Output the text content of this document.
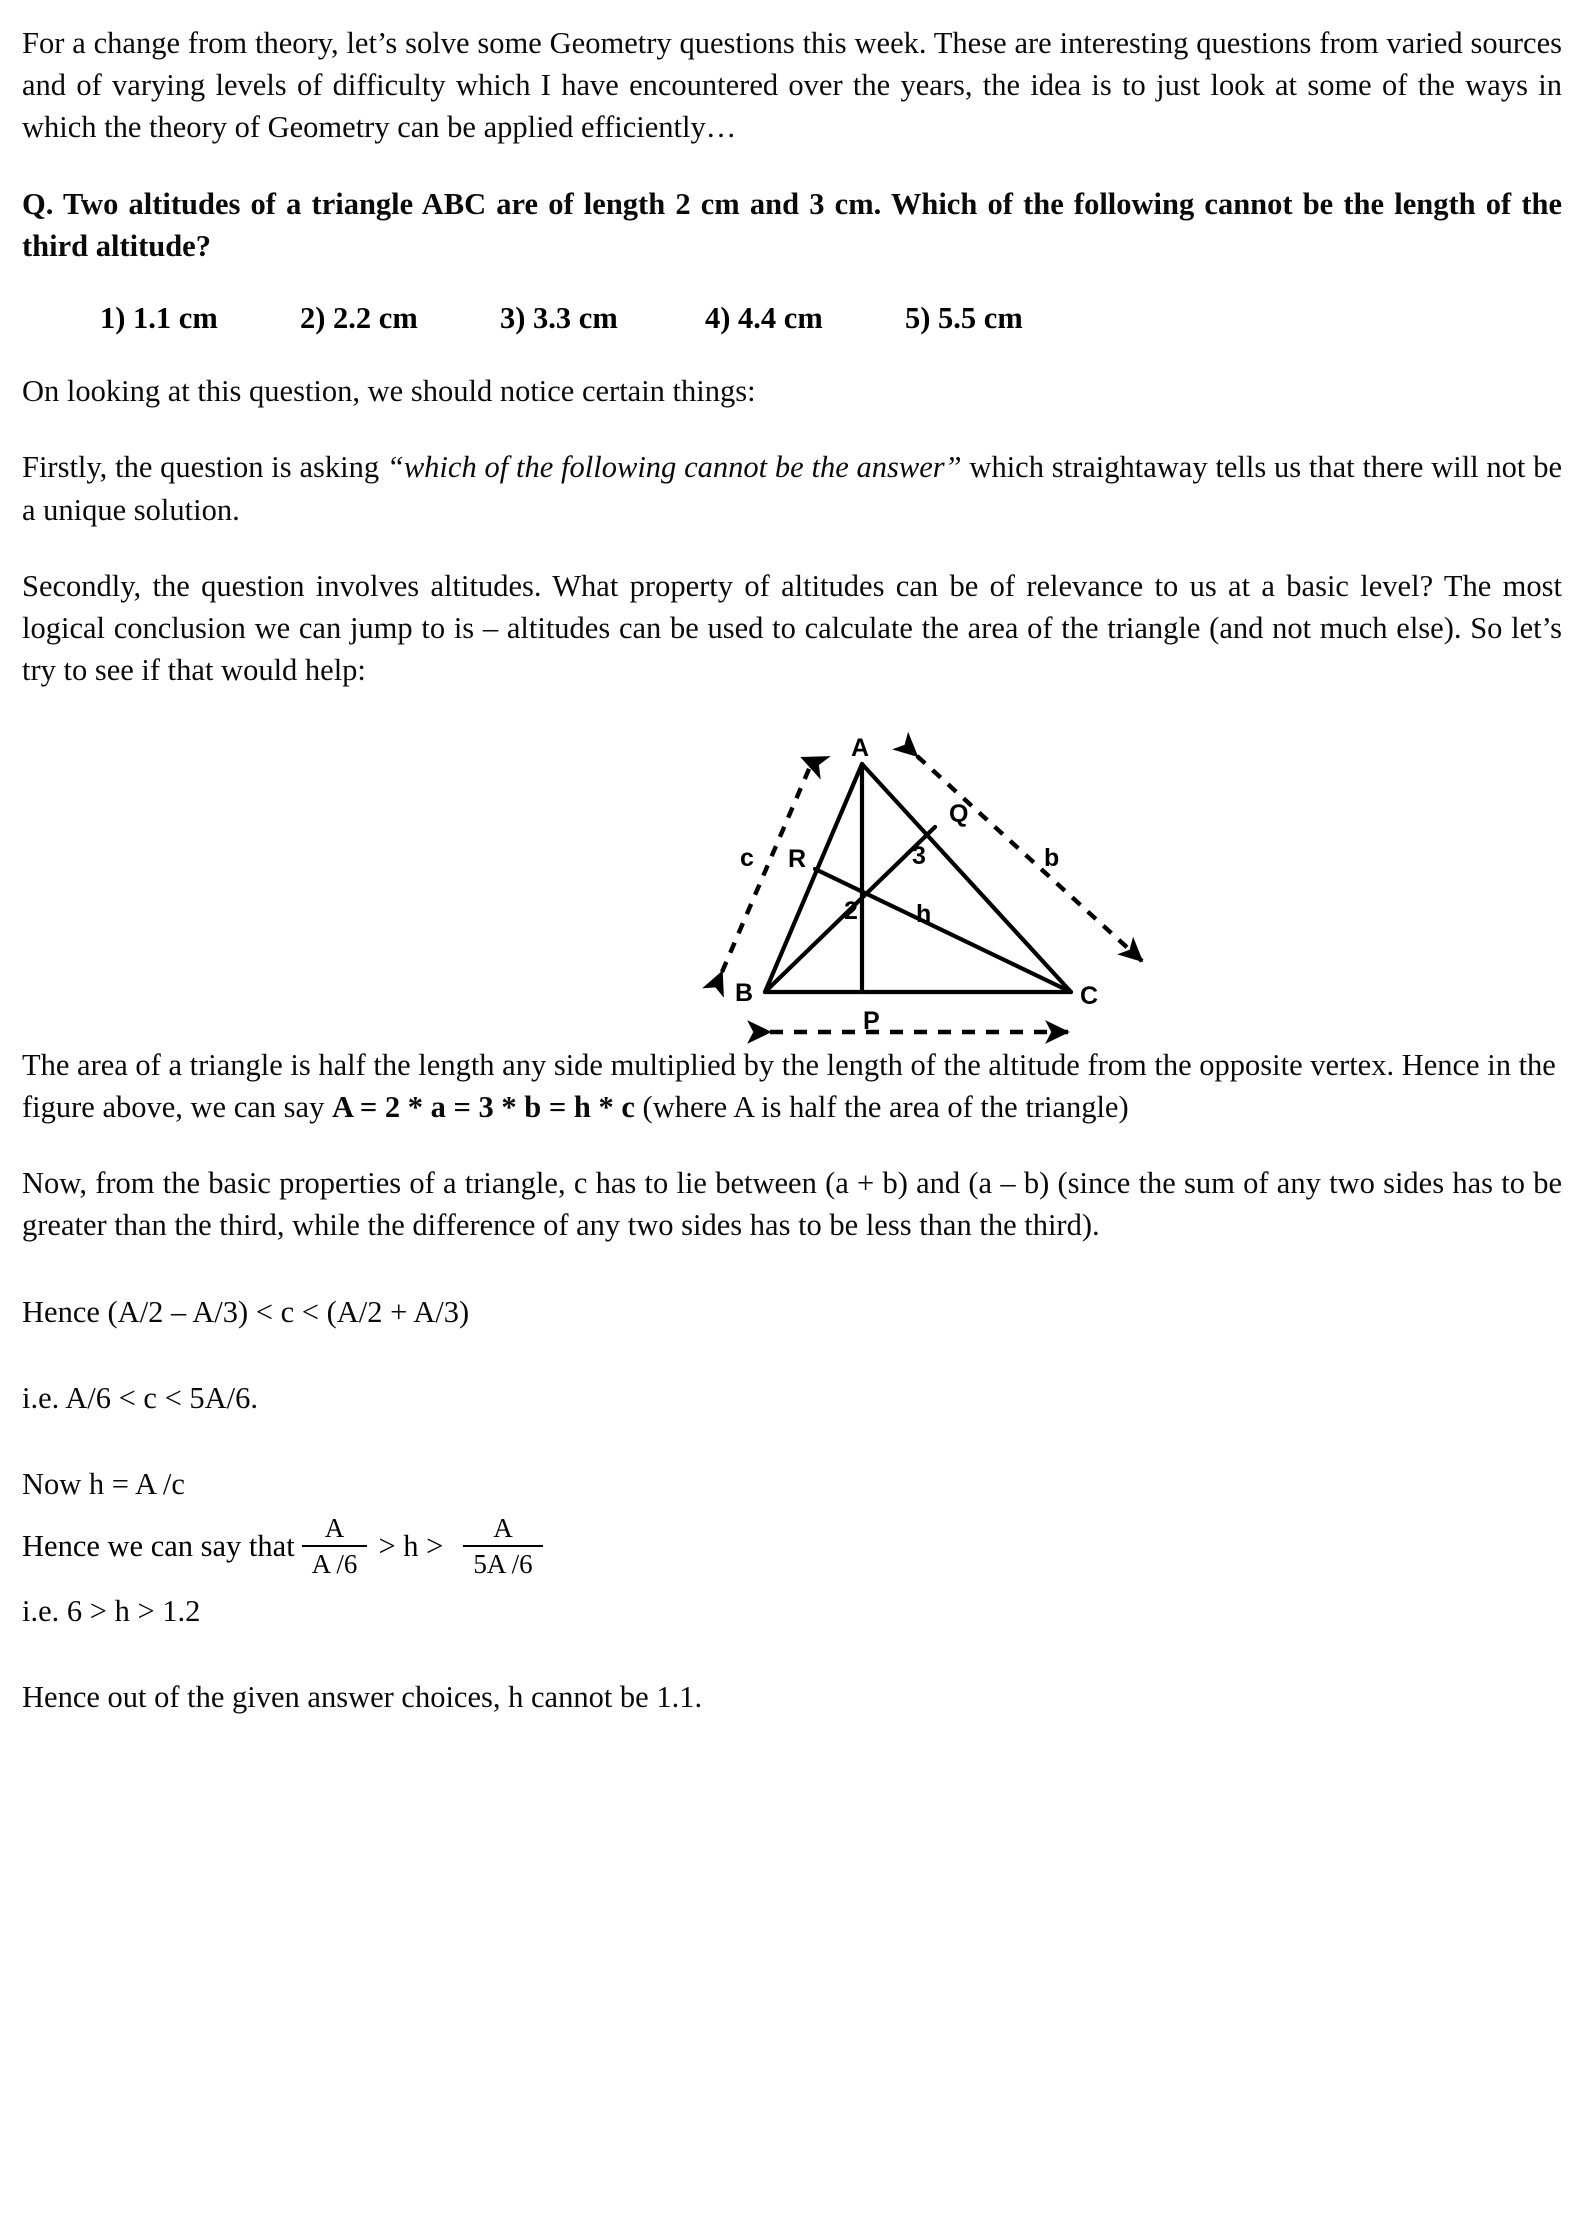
For a change from theory, let’s solve some Geometry questions this week. These are interesting questions from varied sources and of varying levels of difficulty which I have encountered over the years, the idea is to just look at some of the ways in which the theory of Geometry can be applied efficiently…

Q. Two altitudes of a triangle ABC are of length 2 cm and 3 cm. Which of the following cannot be the length of the third altitude?

1) 1.1 cm	2) 2.2 cm	3) 3.3 cm	4) 4.4 cm	5) 5.5 cm

On looking at this question, we should notice certain things:

Firstly, the question is asking “which of the following cannot be the answer” which straightaway tells us that there will not be a unique solution.

Secondly, the question involves altitudes. What property of altitudes can be of relevance to us at a basic level? The most logical conclusion we can jump to is – altitudes can be used to calculate the area of the triangle (and not much else). So let’s try to see if that would help:

A
B	C
P
Q
R
2
3
h
b
c

The area of a triangle is half the length any side multiplied by the length of the altitude from the opposite vertex. Hence in the figure above, we can say A = 2 * a = 3 * b = h * c (where A is half the area of the triangle)

Now, from the basic properties of a triangle, c has to lie between (a + b) and (a – b) (since the sum of any two sides has to be greater than the third, while the difference of any two sides has to be less than the third).

Hence (A/2 – A/3) < c < (A/2 + A/3)

i.e. A/6 < c < 5A/6.

Now h = A /c

Hence we can say that $\frac{A}{A /6} > h > \frac{A}{5A /6}$

i.e. 6 > h > 1.2

Hence out of the given answer choices, h cannot be 1.1.
